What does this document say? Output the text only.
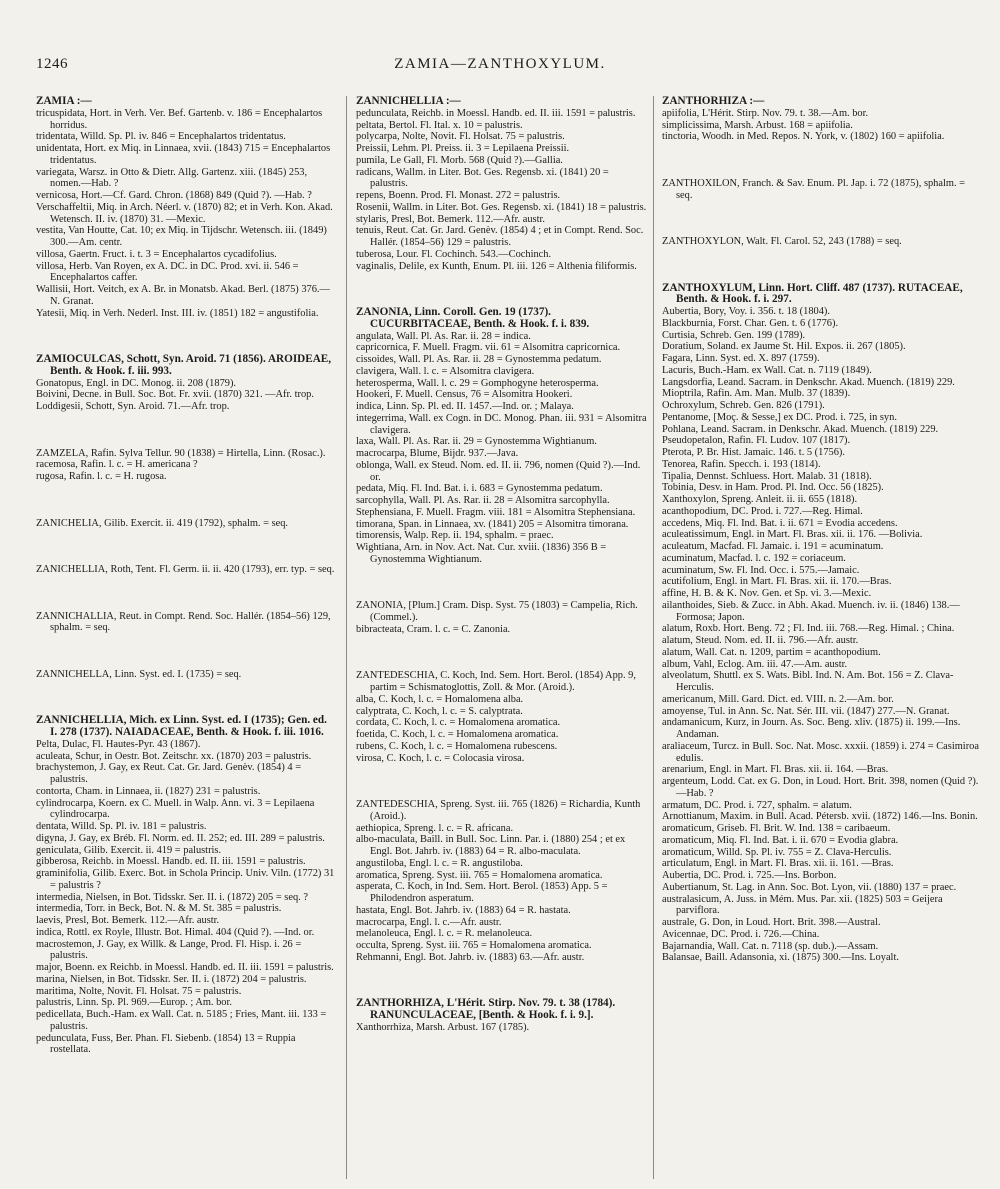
1246	ZAMIA—ZANTHOXYLUM.

ZAMIA :—

tricuspidata, Hort. in Verh. Ver. Bef. Gartenb. v. 186 = Encephalartos horridus.

tridentata, Willd. Sp. Pl. iv. 846 = Encephalartos tridentatus.

unidentata, Hort. ex Miq. in Linnaea, xvii. (1843) 715 = Encephalartos tridentatus.

variegata, Warsz. in Otto & Dietr. Allg. Gartenz. xiii. (1845) 253, nomen.—Hab. ?

vernicosa, Hort.—Cf. Gard. Chron. (1868) 849 (Quid ?). —Hab. ?

Verschaffeltii, Miq. in Arch. Néerl. v. (1870) 82; et in Verh. Kon. Akad. Wetensch. II. iv. (1870) 31. —Mexic.

vestita, Van Houtte, Cat. 10; ex Miq. in Tijdschr. Wetensch. iii. (1849) 300.—Am. centr.

villosa, Gaertn. Fruct. i. t. 3 = Encephalartos cycadifolius.

villosa, Herb. Van Royen, ex A. DC. in DC. Prod. xvi. ii. 546 = Encephalartos caffer.

Wallisii, Hort. Veitch, ex A. Br. in Monatsb. Akad. Berl. (1875) 376.—N. Granat.

Yatesii, Miq. in Verh. Nederl. Inst. III. iv. (1851) 182 = angustifolia.

ZAMIOCULCAS, Schott, Syn. Aroid. 71 (1856). AROIDEAE, Benth. & Hook. f. iii. 993.

Gonatopus, Engl. in DC. Monog. ii. 208 (1879).

Boivini, Decne. in Bull. Soc. Bot. Fr. xvii. (1870) 321. —Afr. trop.

Loddigesii, Schott, Syn. Aroid. 71.—Afr. trop.

ZAMZELA, Rafin. Sylva Tellur. 90 (1838) = Hirtella, Linn. (Rosac.).

racemosa, Rafin. l. c. = H. americana ?

rugosa, Rafin. l. c. = H. rugosa.

ZANICHELIA, Gilib. Exercit. ii. 419 (1792), sphalm. = seq.

ZANICHELLIA, Roth, Tent. Fl. Germ. ii. ii. 420 (1793), err. typ. = seq.

ZANNICHALLIA, Reut. in Compt. Rend. Soc. Hallér. (1854–56) 129, sphalm. = seq.

ZANNICHELLA, Linn. Syst. ed. I. (1735) = seq.

ZANNICHELLIA, Mich. ex Linn. Syst. ed. I (1735); Gen. ed. I. 278 (1737). NAIADACEAE, Benth. & Hook. f. iii. 1016.

Pelta, Dulac, Fl. Hautes-Pyr. 43 (1867).

aculeata, Schur, in Oestr. Bot. Zeitschr. xx. (1870) 203 = palustris.

brachystemon, J. Gay, ex Reut. Cat. Gr. Jard. Genèv. (1854) 4 = palustris.

contorta, Cham. in Linnaea, ii. (1827) 231 = palustris.

cylindrocarpa, Koern. ex C. Muell. in Walp. Ann. vi. 3 = Lepilaena cylindrocarpa.

dentata, Willd. Sp. Pl. iv. 181 = palustris.

digyna, J. Gay, ex Bréb. Fl. Norm. ed. II. 252; ed. III. 289 = palustris.

geniculata, Gilib. Exercit. ii. 419 = palustris.

gibberosa, Reichb. in Moessl. Handb. ed. II. iii. 1591 = palustris.

graminifolia, Gilib. Exerc. Bot. in Schola Princip. Univ. Viln. (1772) 31 = palustris ?

intermedia, Nielsen, in Bot. Tidsskr. Ser. II. i. (1872) 205 = seq. ?

intermedia, Torr. in Beck, Bot. N. & M. St. 385 = palustris.

laevis, Presl, Bot. Bemerk. 112.—Afr. austr.

indica, Rottl. ex Royle, Illustr. Bot. Himal. 404 (Quid ?). —Ind. or.

macrostemon, J. Gay, ex Willk. & Lange, Prod. Fl. Hisp. i. 26 = palustris.

major, Boenn. ex Reichb. in Moessl. Handb. ed. II. iii. 1591 = palustris.

marina, Nielsen, in Bot. Tidsskr. Ser. II. i. (1872) 204 = palustris.

maritima, Nolte, Novit. Fl. Holsat. 75 = palustris.

palustris, Linn. Sp. Pl. 969.—Europ. ; Am. bor.

pedicellata, Buch.-Ham. ex Wall. Cat. n. 5185 ; Fries, Mant. iii. 133 = palustris.

pedunculata, Fuss, Ber. Phan. Fl. Siebenb. (1854) 13 = Ruppia rostellata.

ZANNICHELLIA :—

pedunculata, Reichb. in Moessl. Handb. ed. II. iii. 1591 = palustris.

peltata, Bertol. Fl. Ital. x. 10 = palustris.

polycarpa, Nolte, Novit. Fl. Holsat. 75 = palustris.

Preissii, Lehm. Pl. Preiss. ii. 3 = Lepilaena Preissii.

pumila, Le Gall, Fl. Morb. 568 (Quid ?).—Gallia.

radicans, Wallm. in Liter. Bot. Ges. Regensb. xi. (1841) 20 = palustris.

repens, Boenn. Prod. Fl. Monast. 272 = palustris.

Rosenii, Wallm. in Liter. Bot. Ges. Regensb. xi. (1841) 18 = palustris.

stylaris, Presl, Bot. Bemerk. 112.—Afr. austr.

tenuis, Reut. Cat. Gr. Jard. Genèv. (1854) 4 ; et in Compt. Rend. Soc. Hallér. (1854–56) 129 = palustris.

tuberosa, Lour. Fl. Cochinch. 543.—Cochinch.

vaginalis, Delile, ex Kunth, Enum. Pl. iii. 126 = Althenia filiformis.

ZANONIA, Linn. Coroll. Gen. 19 (1737). CUCURBITACEAE, Benth. & Hook. f. i. 839.

angulata, Wall. Pl. As. Rar. ii. 28 = indica.

capricornica, F. Muell. Fragm. vii. 61 = Alsomitra capricornica.

cissoides, Wall. Pl. As. Rar. ii. 28 = Gynostemma pedatum.

clavigera, Wall. l. c. = Alsomitra clavigera.

heterosperma, Wall. l. c. 29 = Gomphogyne heterosperma.

Hookeri, F. Muell. Census, 76 = Alsomitra Hookeri.

indica, Linn. Sp. Pl. ed. II. 1457.—Ind. or. ; Malaya.

integerrima, Wall. ex Cogn. in DC. Monog. Phan. iii. 931 = Alsomitra clavigera.

laxa, Wall. Pl. As. Rar. ii. 29 = Gynostemma Wightianum.

macrocarpa, Blume, Bijdr. 937.—Java.

oblonga, Wall. ex Steud. Nom. ed. II. ii. 796, nomen (Quid ?).—Ind. or.

pedata, Miq. Fl. Ind. Bat. i. i. 683 = Gynostemma pedatum.

sarcophylla, Wall. Pl. As. Rar. ii. 28 = Alsomitra sarcophylla.

Stephensiana, F. Muell. Fragm. viii. 181 = Alsomitra Stephensiana.

timorana, Span. in Linnaea, xv. (1841) 205 = Alsomitra timorana.

timorensis, Walp. Rep. ii. 194, sphalm. = praec.

Wightiana, Arn. in Nov. Act. Nat. Cur. xviii. (1836) 356 B = Gynostemma Wightianum.

ZANONIA, [Plum.] Cram. Disp. Syst. 75 (1803) = Campelia, Rich. (Commel.).

bibracteata, Cram. l. c. = C. Zanonia.

ZANTEDESCHIA, C. Koch, Ind. Sem. Hort. Berol. (1854) App. 9, partim = Schismatoglottis, Zoll. & Mor. (Aroid.).

alba, C. Koch, l. c. = Homalomena alba.

calyptrata, C. Koch, l. c. = S. calyptrata.

cordata, C. Koch, l. c. = Homalomena aromatica.

foetida, C. Koch, l. c. = Homalomena aromatica.

rubens, C. Koch, l. c. = Homalomena rubescens.

virosa, C. Koch, l. c. = Colocasia virosa.

ZANTEDESCHIA, Spreng. Syst. iii. 765 (1826) = Richardia, Kunth (Aroid.).

aethiopica, Spreng. l. c. = R. africana.

albo-maculata, Baill. in Bull. Soc. Linn. Par. i. (1880) 254 ; et ex Engl. Bot. Jahrb. iv. (1883) 64 = R. albo-maculata.

angustiloba, Engl. l. c. = R. angustiloba.

aromatica, Spreng. Syst. iii. 765 = Homalomena aromatica.

asperata, C. Koch, in Ind. Sem. Hort. Berol. (1853) App. 5 = Philodendron asperatum.

hastata, Engl. Bot. Jahrb. iv. (1883) 64 = R. hastata.

macrocarpa, Engl. l. c.—Afr. austr.

melanoleuca, Engl. l. c. = R. melanoleuca.

occulta, Spreng. Syst. iii. 765 = Homalomena aromatica.

Rehmanni, Engl. Bot. Jahrb. iv. (1883) 63.—Afr. austr.

ZANTHORHIZA, L'Hérit. Stirp. Nov. 79. t. 38 (1784). RANUNCULACEAE, [Benth. & Hook. f. i. 9.].

Xanthorrhiza, Marsh. Arbust. 167 (1785).

ZANTHORHIZA :—

apiifolia, L'Hérit. Stirp. Nov. 79. t. 38.—Am. bor.

simplicissima, Marsh. Arbust. 168 = apiifolia.

tinctoria, Woodh. in Med. Repos. N. York, v. (1802) 160 = apiifolia.

ZANTHOXILON, Franch. & Sav. Enum. Pl. Jap. i. 72 (1875), sphalm. = seq.

ZANTHOXYLON, Walt. Fl. Carol. 52, 243 (1788) = seq.

ZANTHOXYLUM, Linn. Hort. Cliff. 487 (1737). RUTACEAE, Benth. & Hook. f. i. 297.

Aubertia, Bory, Voy. i. 356. t. 18 (1804).

Blackburnia, Forst. Char. Gen. t. 6 (1776).

Curtisia, Schreb. Gen. 199 (1789).

Doratium, Soland. ex Jaume St. Hil. Expos. ii. 267 (1805).

Fagara, Linn. Syst. ed. X. 897 (1759).

Lacuris, Buch.-Ham. ex Wall. Cat. n. 7119 (1849).

Langsdorfia, Leand. Sacram. in Denkschr. Akad. Muench. (1819) 229.

Mioptrila, Rafin. Am. Man. Mulb. 37 (1839).

Ochroxylum, Schreb. Gen. 826 (1791).

Pentanome, [Moç. & Sesse,] ex DC. Prod. i. 725, in syn.

Pohlana, Leand. Sacram. in Denkschr. Akad. Muench. (1819) 229.

Pseudopetalon, Rafin. Fl. Ludov. 107 (1817).

Pterota, P. Br. Hist. Jamaic. 146. t. 5 (1756).

Tenorea, Rafin. Specch. i. 193 (1814).

Tipalia, Dennst. Schluess. Hort. Malab. 31 (1818).

Tobinia, Desv. in Ham. Prod. Pl. Ind. Occ. 56 (1825).

Xanthoxylon, Spreng. Anleit. ii. ii. 655 (1818).

acanthopodium, DC. Prod. i. 727.—Reg. Himal.

accedens, Miq. Fl. Ind. Bat. i. ii. 671 = Evodia accedens.

aculeatissimum, Engl. in Mart. Fl. Bras. xii. ii. 176. —Bolivia.

aculeatum, Macfad. Fl. Jamaic. i. 191 = acuminatum.

acuminatum, Macfad. l. c. 192 = coriaceum.

acuminatum, Sw. Fl. Ind. Occ. i. 575.—Jamaic.

acutifolium, Engl. in Mart. Fl. Bras. xii. ii. 170.—Bras.

affine, H. B. & K. Nov. Gen. et Sp. vi. 3.—Mexic.

ailanthoides, Sieb. & Zucc. in Abh. Akad. Muench. iv. ii. (1846) 138.—Formosa; Japon.

alatum, Roxb. Hort. Beng. 72 ; Fl. Ind. iii. 768.—Reg. Himal. ; China.

alatum, Steud. Nom. ed. II. ii. 796.—Afr. austr.

alatum, Wall. Cat. n. 1209, partim = acanthopodium.

album, Vahl, Eclog. Am. iii. 47.—Am. austr.

alveolatum, Shuttl. ex S. Wats. Bibl. Ind. N. Am. Bot. 156 = Z. Clava-Herculis.

americanum, Mill. Gard. Dict. ed. VIII. n. 2.—Am. bor.

amoyense, Tul. in Ann. Sc. Nat. Sér. III. vii. (1847) 277.—N. Granat.

andamanicum, Kurz, in Journ. As. Soc. Beng. xliv. (1875) ii. 199.—Ins. Andaman.

araliaceum, Turcz. in Bull. Soc. Nat. Mosc. xxxii. (1859) i. 274 = Casimiroa edulis.

arenarium, Engl. in Mart. Fl. Bras. xii. ii. 164. —Bras.

argenteum, Lodd. Cat. ex G. Don, in Loud. Hort. Brit. 398, nomen (Quid ?).—Hab. ?

armatum, DC. Prod. i. 727, sphalm. = alatum.

Arnottianum, Maxim. in Bull. Acad. Pétersb. xvii. (1872) 146.—Ins. Bonin.

aromaticum, Griseb. Fl. Brit. W. Ind. 138 = caribaeum.

aromaticum, Miq. Fl. Ind. Bat. i. ii. 670 = Evodia glabra.

aromaticum, Willd. Sp. Pl. iv. 755 = Z. Clava-Herculis.

articulatum, Engl. in Mart. Fl. Bras. xii. ii. 161. —Bras.

Aubertia, DC. Prod. i. 725.—Ins. Borbon.

Aubertianum, St. Lag. in Ann. Soc. Bot. Lyon, vii. (1880) 137 = praec.

australasicum, A. Juss. in Mém. Mus. Par. xii. (1825) 503 = Geijera parviflora.

australe, G. Don, in Loud. Hort. Brit. 398.—Austral.

Avicennae, DC. Prod. i. 726.—China.

Bajarnandia, Wall. Cat. n. 7118 (sp. dub.).—Assam.

Balansae, Baill. Adansonia, xi. (1875) 300.—Ins. Loyalt.
